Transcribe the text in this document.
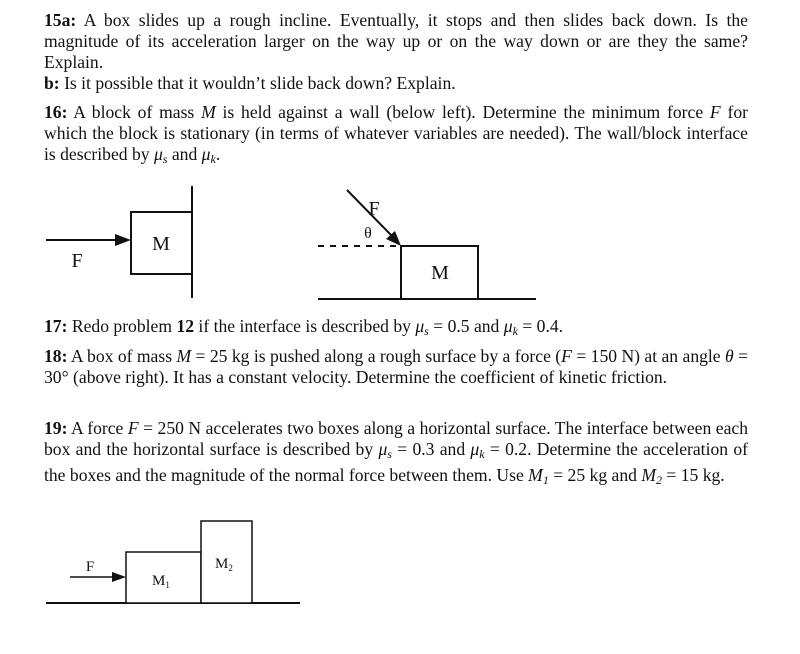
15a: A box slides up a rough incline. Eventually, it stops and then slides back down. Is the magnitude of its acceleration larger on the way up or on the way down or are they the same? Explain.
b: Is it possible that it wouldn’t slide back down? Explain.

16: A block of mass M is held against a wall (below left). Determine the minimum force F for which the block is stationary (in terms of whatever variables are needed). The wall/block interface is described by $\mu_s$ and $\mu_k$.

17: Redo problem 12 if the interface is described by $\mu_s = 0.5$ and $\mu_k = 0.4$.

18: A box of mass M = 25 kg is pushed along a rough surface by a force (F = 150 N) at an angle θ = 30° (above right). It has a constant velocity. Determine the coefficient of kinetic friction.

19: A force F = 250 N accelerates two boxes along a horizontal surface. The interface between each box and the horizontal surface is described by $\mu_s = 0.3$ and $\mu_k = 0.2$. Determine the acceleration of the boxes and the magnitude of the normal force between them. Use M1 = 25 kg and M2 = 15 kg.

M
F
M
F
θ
$M_1$
$M_2$
F
